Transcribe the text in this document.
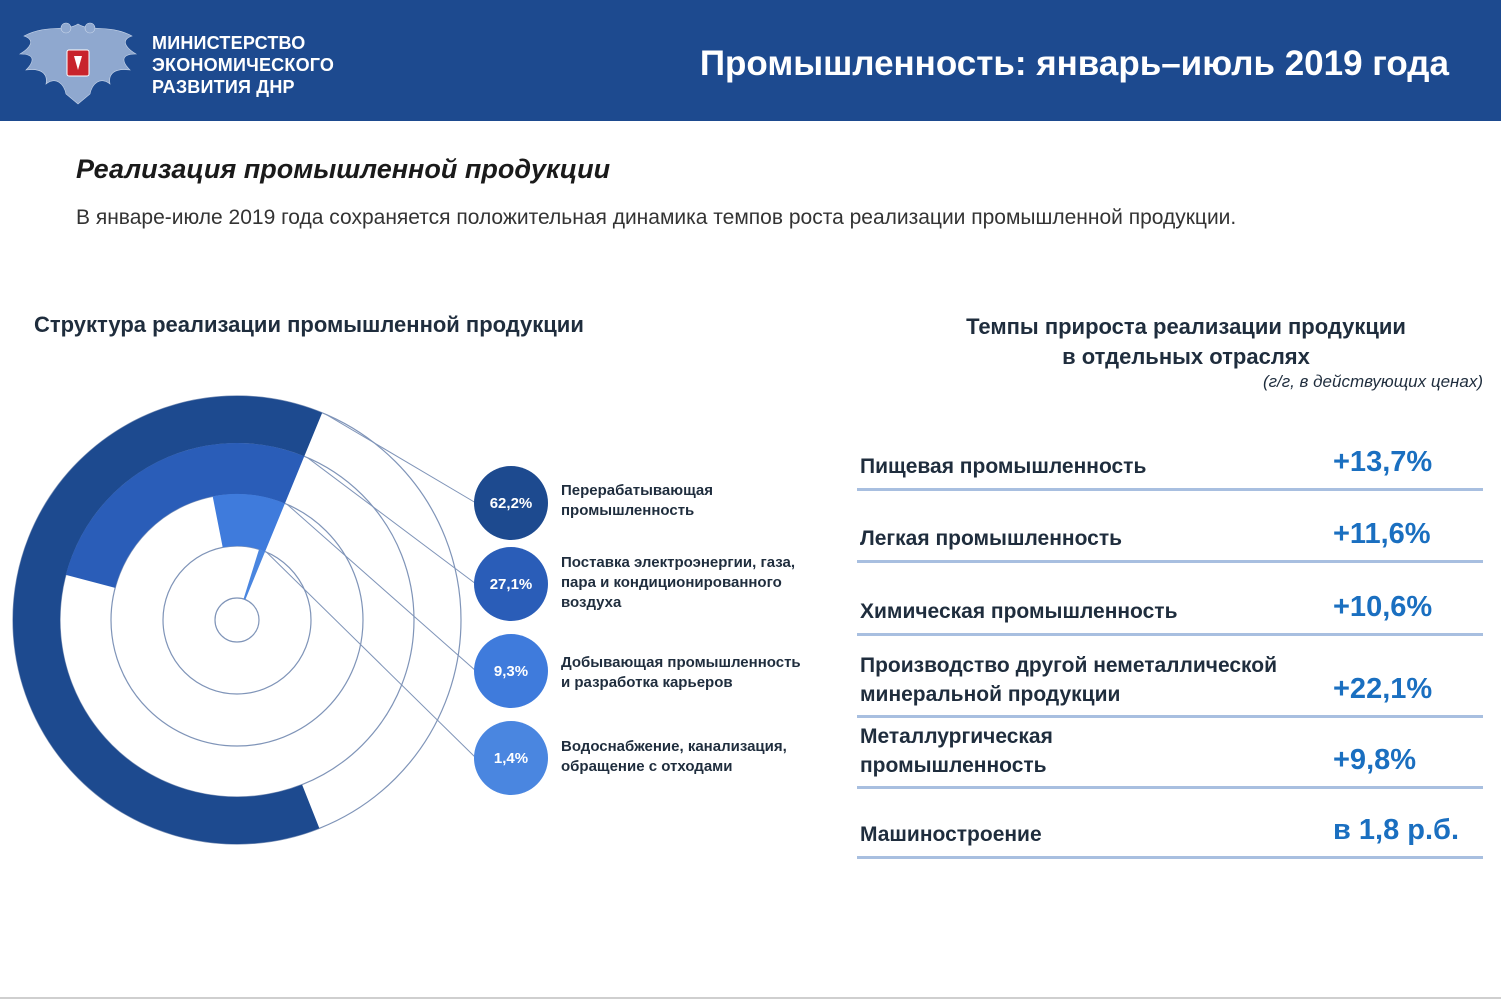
МИНИСТЕРСТВО
ЭКОНОМИЧЕСКОГО
РАЗВИТИЯ ДНР
Промышленность: январь–июль 2019 года
Реализация промышленной продукции
В январе-июле 2019 года сохраняется положительная динамика темпов роста реализации промышленной продукции.
Структура реализации промышленной продукции	Темпы прироста реализации продукции
в отдельных отраслях
(г/г, в действующих ценах)
62,2%
27,1%
9,3%
1,4%
Перерабатывающая
промышленность
Поставка электроэнергии, газа,
пара и кондиционированного
воздуха
Добывающая промышленность
и разработка карьеров
Водоснабжение, канализация,
обращение с отходами
Пищевая промышленность	+13,7%
Легкая промышленность	+11,6%
Химическая промышленность	+10,6%
Производство другой неметаллической
минеральной продукции	+22,1%
Металлургическая
промышленность	+9,8%
Машиностроение	в 1,8 р.б.
